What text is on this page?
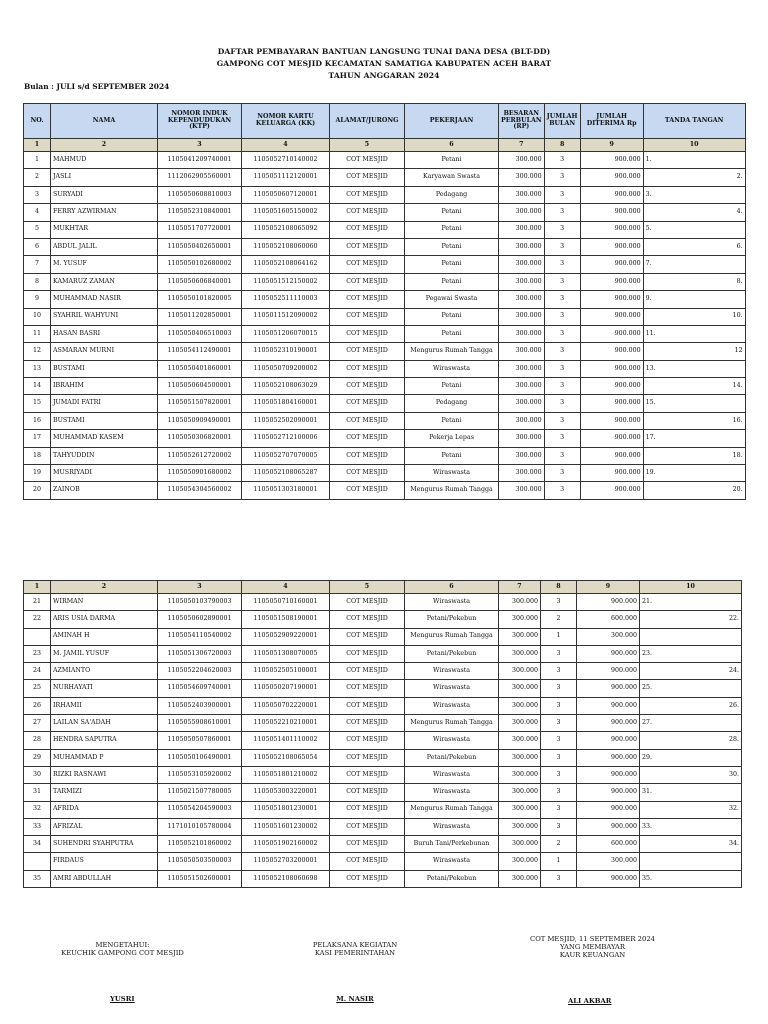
DAFTAR PEMBAYARAN BANTUAN LANGSUNG TUNAI DANA DESA (BLT-DD)
GAMPONG COT MESJID KECAMATAN SAMATIGA KABUPATEN ACEH BARAT
TAHUN ANGGARAN 2024
Bulan : JULI s/d SEPTEMBER 2024
NO.	NAMA	NOMOR INDUK KEPENDUDUKAN (KTP)	NOMOR KARTU KELUARGA (KK)	ALAMAT/JURONG	PEKERJAAN	BESARAN PERBULAN (RP)	JUMLAH BULAN	JUMLAH DITERIMA Rp	TANDA TANGAN
1	2	3	4	5	6	7	8	9	10
1	MAHMUD	1105041209740001	1105052710140002	COT MESJID	Petani	300.000	3	900.000	1.
2	JASLI	1112062905560001	1105051112120001	COT MESJID	Karyawan Swasta	300.000	3	900.000	2.
3	SURYADI	1105050608810003	1105050607120001	COT MESJID	Pedagang	300.000	3	900.000	3.
4	FERRY AZWIRMAN	1105052310840001	1105051605150002	COT MESJID	Petani	300.000	3	900.000	4.
5	MUKHTAR	1105051707720001	1105052108065092	COT MESJID	Petani	300.000	3	900.000	5.
6	ABDUL JALIL	1105050402650001	1105052108060060	COT MESJID	Petani	300.000	3	900.000	6.
7	M. YUSUF	1105050102680002	1105052108064162	COT MESJID	Petani	300.000	3	900.000	7.
8	KAMARUZ ZAMAN	1105050606840001	1105051512150002	COT MESJID	Petani	300.000	3	900.000	8.
9	MUHAMMAD NASIR	1105050101820005	1105052511110003	COT MESJID	Pegawai Swasta	300.000	3	900.000	9.
10	SYAHRIL WAHYUNI	1105011202850001	1105011512090002	COT MESJID	Petani	300.000	3	900.000	10.
11	HASAN BASRI	1105050406510003	1105051206070015	COT MESJID	Petani	300.000	3	900.000	11.
12	ASMARAN MURNI	1105054112490001	1105052310190001	COT MESJID	Mengurus Rumah Tangga	300.000	3	900.000	12
13	BUSTAMI	1105050401860001	1105050709200002	COT MESJID	Wiraswasta	300.000	3	900.000	13.
14	IBRAHIM	1105050604500001	1105052108063029	COT MESJID	Petani	300.000	3	900.000	14.
15	JUMADI FATRI	1105051507820001	1105051804160001	COT MESJID	Pedagang	300.000	3	900.000	15.
16	BUSTAMI	1105050909490001	1105052502090001	COT MESJID	Petani	300.000	3	900.000	16.
17	MUHAMMAD KASEM	1105050306820001	1105052712100006	COT MESJID	Pekerja Lepas	300.000	3	900.000	17.
18	TAHYUDDIN	1105052612720002	1105052707070005	COT MESJID	Petani	300.000	3	900.000	18.
19	MUSRIYADI	1105050901680002	1105052108065287	COT MESJID	Wiraswasta	300.000	3	900.000	19.
20	ZAINOB	1105054304560002	1105051303180001	COT MESJID	Mengurus Rumah Tangga	300.000	3	900.000	20.
1	2	3	4	5	6	7	8	9	10
21	WIRMAN	1105050103790003	1105050710160001	COT MESJID	Wiraswasta	300.000	3	900.000	21.
22	ARIS USIA DARMA	1105050602890001	1105051508190001	COT MESJID	Petani/Pekebun	300.000	2	600.000	22.
	AMINAH H	1105054110540002	1105052909220001	COT MESJID	Mengurus Rumah Tangga	300.000	1	300.000	
23	M. JAMIL YUSUF	1105051306720003	1105051308070005	COT MESJID	Petani/Pekebun	300.000	3	900.000	23.
24	AZMIANTO	1105052204620003	1105052505100001	COT MESJID	Wiraswasta	300.000	3	900.000	24.
25	NURHAYATI	1105054609740001	1105050207190001	COT MESJID	Wiraswasta	300.000	3	900.000	25.
26	IRHAMII	1105052403900001	1105050702220001	COT MESJID	Wiraswasta	300.000	3	900.000	26.
27	LAILAN SA'ADAH	1105055908610001	1105052210210001	COT MESJID	Mengurus Rumah Tangga	300.000	3	900.000	27.
28	HENDRA SAPUTRA	1105050507860001	1105051401110002	COT MESJID	Wiraswasta	300.000	3	900.000	28.
29	MUHAMMAD P	1105050106490001	1105052108065054	COT MESJID	Petani/Pekebun	300.000	3	900.000	29.
30	RIZKI RASNAWI	1105053105920002	1105051801210002	COT MESJID	Wiraswasta	300.000	3	900.000	30.
31	TARMIZI	1105021507780005	1105053003220001	COT MESJID	Wiraswasta	300.000	3	900.000	31.
32	AFRIDA	1105054204590003	1105051801230001	COT MESJID	Mengurus Rumah Tangga	300.000	3	900.000	32.
33	AFRIZAL	1171010105780004	1105051601230002	COT MESJID	Wiraswasta	300.000	3	900.000	33.
34	SUHENDRI SYAHPUTRA	1105052101860002	1105051902160002	COT MESJID	Buruh Tani/Perkebunan	300.000	2	600.000	34.
	FIRDAUS	1105050503500003	1105052703200001	COT MESJID	Wiraswasta	300.000	1	300.000	
35	AMRI ABDULLAH	1105051502600001	1105052108060698	COT MESJID	Petani/Pekebun	300.000	3	900.000	35.
MENGETAHUI:
KEUCHIK GAMPONG COT MESJID
YUSRI
PELAKSANA KEGIATAN
KASI PEMERINTAHAN
M. NASIR
COT MESJID, 11 SEPTEMBER 2024
YANG MEMBAYAR
KAUR KEUANGAN
ALI AKBAR
